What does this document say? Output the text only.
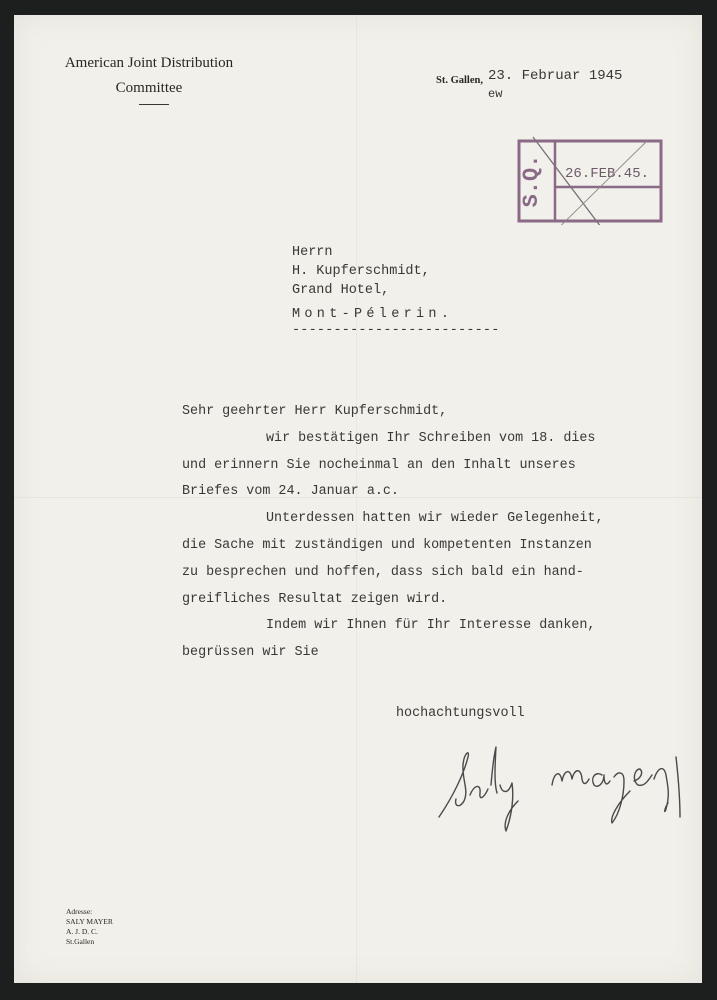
American Joint Distribution
Committee	St. Gallen, 23. Februar 1945
ew
S.Q. 26.FEB.45.
Herrn
H. Kupferschmidt,
Grand Hotel,
Mont-Pélerin.
-------------------------
Sehr geehrter Herr Kupferschmidt,
wir bestätigen Ihr Schreiben vom 18. dies
und erinnern Sie nocheinmal an den Inhalt unseres
Briefes vom 24. Januar a.c.
Unterdessen hatten wir wieder Gelegenheit,
die Sache mit zuständigen und kompetenten Instanzen
zu besprechen und hoffen, dass sich bald ein hand-
greifliches Resultat zeigen wird.
Indem wir Ihnen für Ihr Interesse danken,
begrüssen wir Sie
hochachtungsvoll
Adresse:
SALY MAYER
A. J. D. C.
St.Gallen
